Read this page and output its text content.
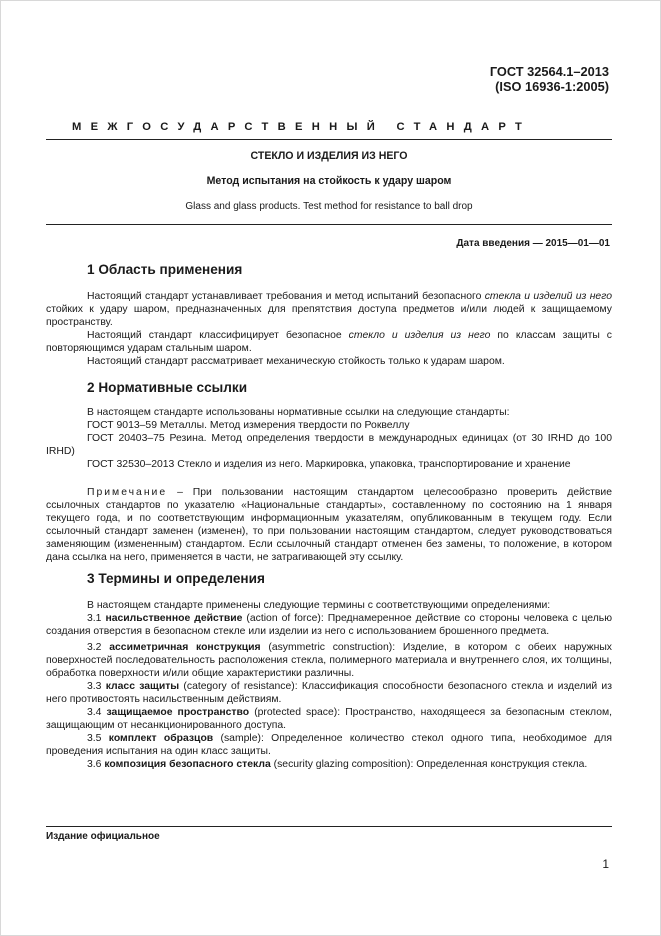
ГОСТ 32564.1–2013
(ISO 16936-1:2005)
МЕЖГОСУДАРСТВЕННЫЙ СТАНДАРТ
СТЕКЛО И ИЗДЕЛИЯ ИЗ НЕГО
Метод испытания на стойкость к удару шаром
Glass and glass products. Test method for resistance to ball drop
Дата введения — 2015—01—01
1 Область применения
Настоящий стандарт устанавливает требования и метод испытаний безопасного стекла и изделий из него стойких к удару шаром, предназначенных для препятствия доступа предметов и/или людей к защищаемому пространству.
Настоящий стандарт классифицирует безопасное стекло и изделия из него по классам защиты с повторяющимся ударам стальным шаром.
Настоящий стандарт рассматривает механическую стойкость только к ударам шаром.
2 Нормативные ссылки
В настоящем стандарте использованы нормативные ссылки на следующие стандарты:
ГОСТ 9013–59 Металлы. Метод измерения твердости по Роквеллу
ГОСТ 20403–75 Резина. Метод определения твердости в международных единицах (от 30 IRHD до 100 IRHD)
ГОСТ 32530–2013 Стекло и изделия из него. Маркировка, упаковка, транспортирование и хранение
Примечание – При пользовании настоящим стандартом целесообразно проверить действие ссылочных стандартов по указателю «Национальные стандарты», составленному по состоянию на 1 января текущего года, и по соответствующим информационным указателям, опубликованным в текущем году. Если ссылочный стандарт заменен (изменен), то при пользовании настоящим стандартом, следует руководствоваться заменяющим (измененным) стандартом. Если ссылочный стандарт отменен без замены, то положение, в котором дана ссылка на него, применяется в части, не затрагивающей эту ссылку.
3 Термины и определения
В настоящем стандарте применены следующие термины с соответствующими определениями:
3.1 насильственное действие (action of force): Преднамеренное действие со стороны человека с целью создания отверстия в безопасном стекле или изделии из него с использованием брошенного предмета.
3.2 ассиметричная конструкция (asymmetric construction): Изделие, в котором с обеих наружных поверхностей последовательность расположения стекла, полимерного материала и внутреннего слоя, их толщины, обработка поверхности и/или общие характеристики различны.
3.3 класс защиты (category of resistance): Классификация способности безопасного стекла и изделий из него противостоять насильственным действиям.
3.4 защищаемое пространство (protected space): Пространство, находящееся за безопасным стеклом, защищающим от несанкционированного доступа.
3.5 комплект образцов (sample): Определенное количество стекол одного типа, необходимое для проведения испытания на один класс защиты.
3.6 композиция безопасного стекла (security glazing composition): Определенная конструкция стекла.
Издание официальное
1
